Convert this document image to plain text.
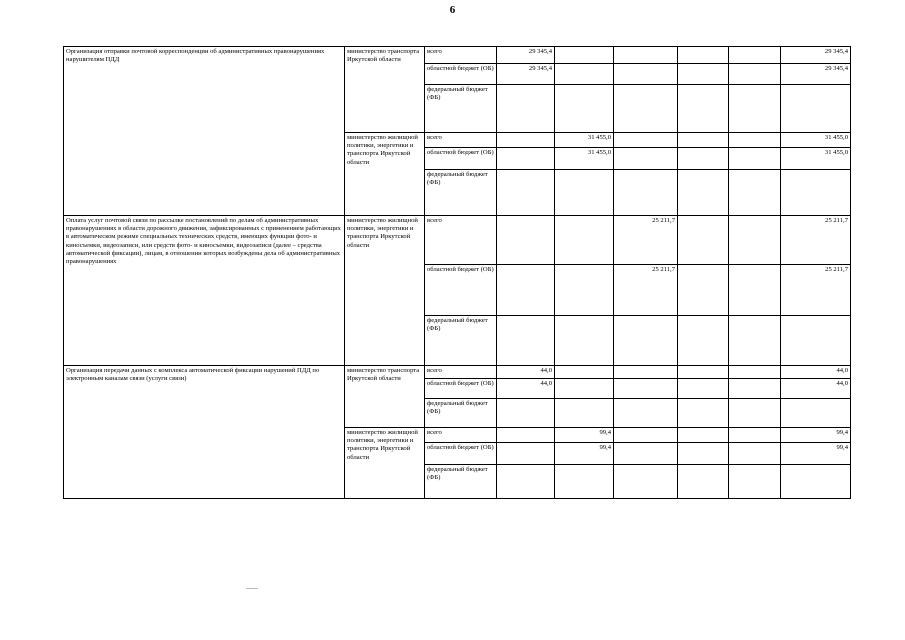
6
Организация отправки почтовой корреспонденции об административных правонарушениях нарушителям ПДД	министерство транспорта Иркутской области	всего	29 345,4					29 345,4
		областной бюджет (ОБ)	29 345,4					29 345,4
		федеральный бюджет (ФБ)						
	министерство жилищной политики, энергетики и транспорта Иркутской области	всего		31 455,0				31 455,0
		областной бюджет (ОБ)		31 455,0				31 455,0
		федеральный бюджет (ФБ)						
Оплата услуг почтовой связи по рассылке постановлений по делам об административных правонарушениях в области дорожного движения, зафиксированных с применением работающих в автоматическом режиме специальных технических средств, имеющих функции фото- и киносъемки, видеозаписи, или средств фото- и киносъемки, видеозаписи (далее – средства автоматической фиксации), лицам, в отношении которых возбуждены дела об административных правонарушениях	министерство жилищной политики, энергетики и транспорта Иркутской области	всего			25 211,7			25 211,7
		областной бюджет (ОБ)			25 211,7			25 211,7
		федеральный бюджет (ФБ)						
Организация передачи данных с комплекса автоматической фиксации нарушений ПДД по электронным каналам связи (услуги связи)	министерство транспорта Иркутской области	всего	44,0					44,0
		областной бюджет (ОБ)	44,0					44,0
		федеральный бюджет (ФБ)						
	министерство жилищной политики, энергетики и транспорта Иркутской области	всего		99,4				99,4
		областной бюджет (ОБ)		99,4				99,4
		федеральный бюджет (ФБ)						
